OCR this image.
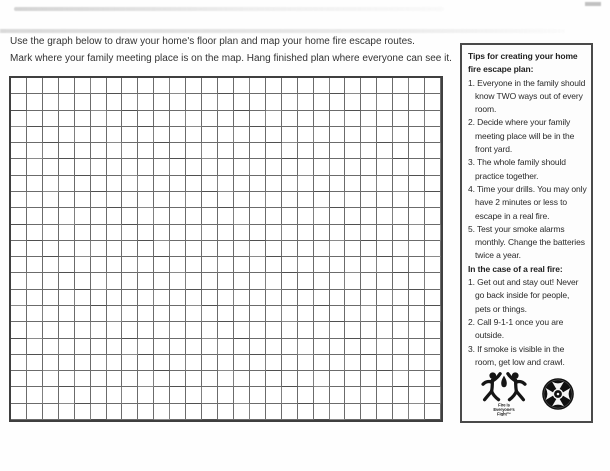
Use the graph below to draw your home's floor plan and map your home fire escape routes.
Mark where your family meeting place is on the map. Hang finished plan where everyone can see it.	Tips for creating your home fire escape plan:
1. Everyone in the family should know TWO ways out of every room.
2. Decide where your family meeting place will be in the front yard.
3. The whole family should practice together.
4. Time your drills. You may only have 2 minutes or less to escape in a real fire.
5. Test your smoke alarms monthly. Change the batteries twice a year.
In the case of a real fire:
1. Get out and stay out! Never go back inside for people, pets or things.
2. Call 9-1-1 once you are outside.
3. If smoke is visible in the room, get low and crawl.
Fire is
Everyone's
Fight™
